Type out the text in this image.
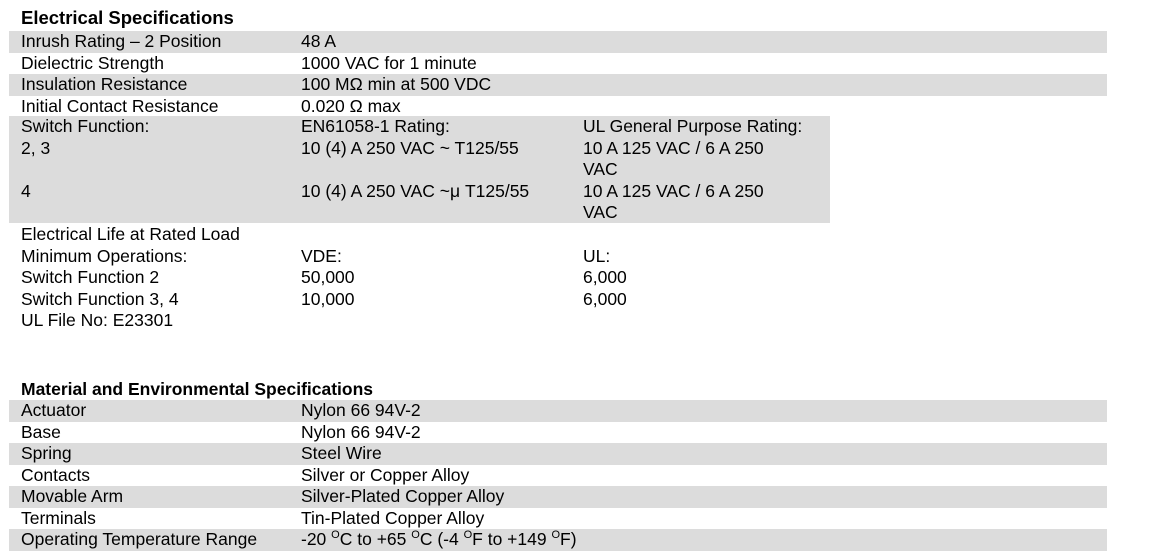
Electrical Specifications
Inrush Rating – 2 Position	48 A
Dielectric Strength	1000 VAC for 1 minute
Insulation Resistance	100 MΩ min at 500 VDC
Initial Contact Resistance	0.020 Ω max
Switch Function:	EN61058-1 Rating:	UL General Purpose Rating:
2, 3	10 (4) A 250 VAC ~ T125/55	10 A 125 VAC / 6 A 250 VAC
4	10 (4) A 250 VAC ~μ T125/55	10 A 125 VAC / 6 A 250 VAC
Electrical Life at Rated Load
Minimum Operations:	VDE:	UL:
Switch Function 2	50,000	6,000
Switch Function 3, 4	10,000	6,000
UL File No: E23301
Material and Environmental Specifications
Actuator	Nylon 66 94V-2
Base	Nylon 66 94V-2
Spring	Steel Wire
Contacts	Silver or Copper Alloy
Movable Arm	Silver-Plated Copper Alloy
Terminals	Tin-Plated Copper Alloy
Operating Temperature Range	-20 $^O$C to +65 $^O$C (-4 $^O$F to +149 $^O$F)
